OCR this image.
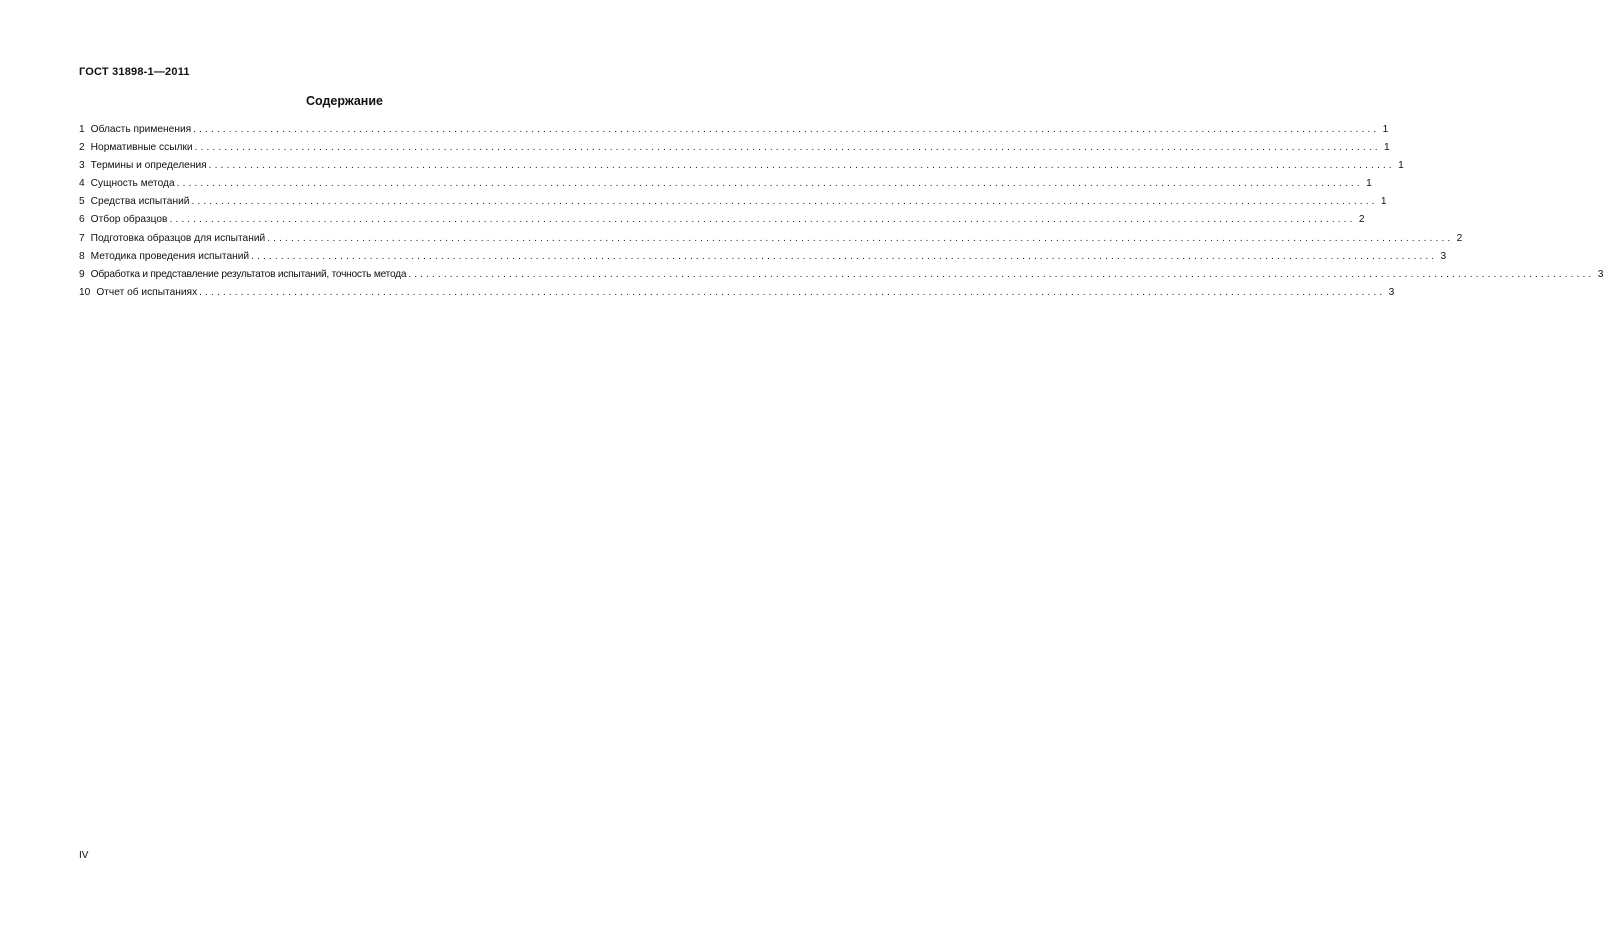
ГОСТ 31898-1—2011
Содержание
1 Область применения ........................................................................................................................................................................................................ 1
2 Нормативные ссылки ........................................................................................................................................................................................................ 1
3 Термины и определения ........................................................................................................................................................................................................ 1
4 Сущность метода ........................................................................................................................................................................................................ 1
5 Средства испытаний ........................................................................................................................................................................................................ 1
6 Отбор образцов ........................................................................................................................................................................................................ 2
7 Подготовка образцов для испытаний ........................................................................................................................................................................................................ 2
8 Методика проведения испытаний ........................................................................................................................................................................................................ 3
9 Обработка и представление результатов испытаний, точность метода ........................................................................................................................................................................................................ 3
10 Отчет об испытаниях ........................................................................................................................................................................................................ 3
IV
